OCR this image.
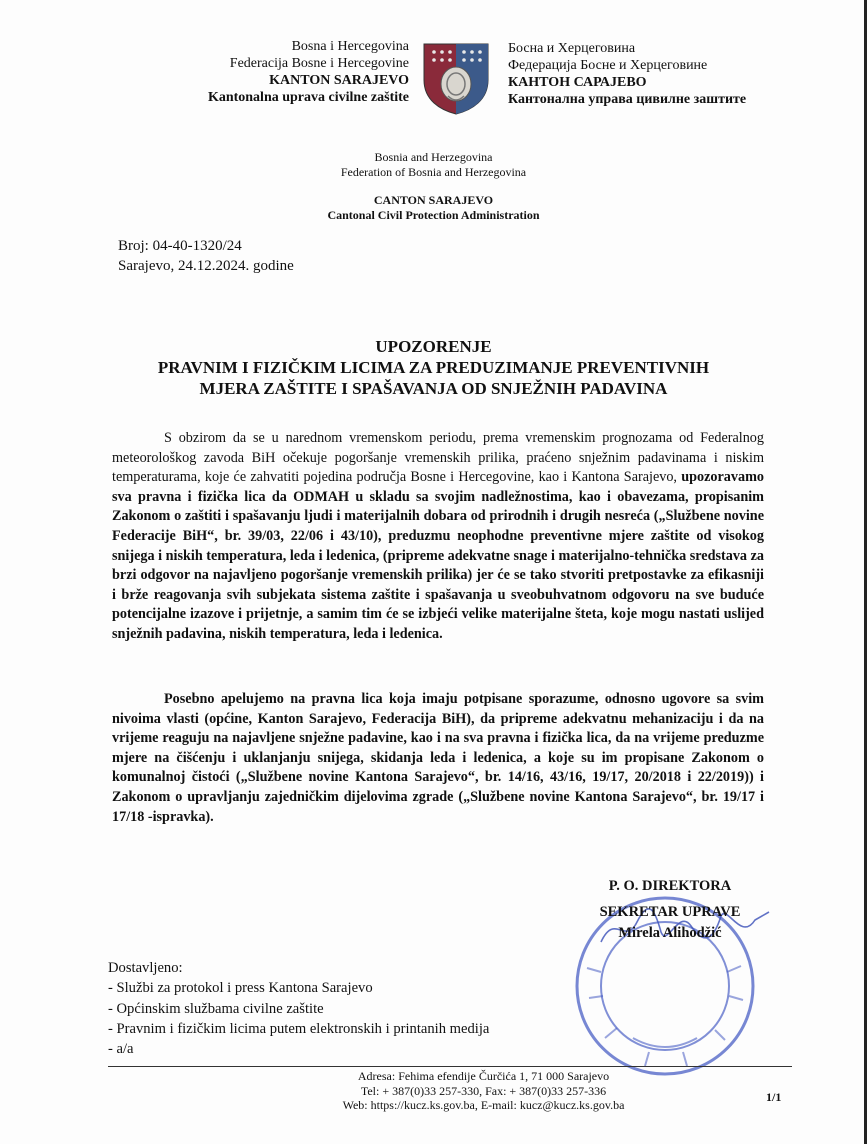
Bosna i Hercegovina
Federacija Bosne i Hercegovine
KANTON SARAJEVO
Kantonalna uprava civilne zaštite
Босна и Херцеговина
Федерација Босне и Херцеговине
КАНТОН САРАЈЕВО
Кантонална управа цивилне заштите
Bosnia and Herzegovina
Federation of Bosnia and Herzegovina
CANTON SARAJEVO
Cantonal Civil Protection Administration
Broj: 04-40-1320/24
Sarajevo, 24.12.2024. godine
UPOZORENJE
PRAVNIM I FIZIČKIM LICIMA ZA PREDUZIMANJE PREVENTIVNIH
MJERA ZAŠTITE I SPAŠAVANJA OD SNJEŽNIH PADAVINA
S obzirom da se u narednom vremenskom periodu, prema vremenskim prognozama od Federalnog meteorološkog zavoda BiH očekuje pogoršanje vremenskih prilika, praćeno snježnim padavinama i niskim temperaturama, koje će zahvatiti pojedina područja Bosne i Hercegovine, kao i Kantona Sarajevo, upozoravamo sva pravna i fizička lica da ODMAH u skladu sa svojim nadležnostima, kao i obavezama, propisanim Zakonom o zaštiti i spašavanju ljudi i materijalnih dobara od prirodnih i drugih nesreća („Službene novine Federacije BiH“, br. 39/03, 22/06 i 43/10), preduzmu neophodne preventivne mjere zaštite od visokog snijega i niskih temperatura, leda i ledenica, (pripreme adekvatne snage i materijalno-tehnička sredstava za brzi odgovor na najavljeno pogoršanje vremenskih prilika) jer će se tako stvoriti pretpostavke za efikasniji i brže reagovanja svih subjekata sistema zaštite i spašavanja u sveobuhvatnom odgovoru na sve buduće potencijalne izazove i prijetnje, a samim tim će se izbjeći velike materijalne šteta, koje mogu nastati uslijed snježnih padavina, niskih temperatura, leda i ledenica.
Posebno apelujemo na pravna lica koja imaju potpisane sporazume, odnosno ugovore sa svim nivoima vlasti (općine, Kanton Sarajevo, Federacija BiH), da pripreme adekvatnu mehanizaciju i da na vrijeme reaguju na najavljene snježne padavine, kao i na sva pravna i fizička lica, da na vrijeme preduzme mjere na čišćenju i uklanjanju snijega, skidanja leda i ledenica, a koje su im propisane Zakonom o komunalnoj čistoći („Službene novine Kantona Sarajevo“, br. 14/16, 43/16, 19/17, 20/2018 i 22/2019)) i Zakonom o upravljanju zajedničkim dijelovima zgrade („Službene novine Kantona Sarajevo“, br. 19/17 i 17/18 -ispravka).
P. O. DIREKTORA
SEKRETAR UPRAVE
Mirela Alihodžić
Dostavljeno:
- Službi za protokol i press Kantona Sarajevo
- Općinskim službama civilne zaštite
- Pravnim i fizičkim licima putem elektronskih i printanih medija
- a/a
Adresa: Fehima efendije Čurčića 1, 71 000 Sarajevo
Tel: + 387(0)33 257-330, Fax: + 387(0)33 257-336
Web: https://kucz.ks.gov.ba, E-mail: kucz@kucz.ks.gov.ba
1/1
